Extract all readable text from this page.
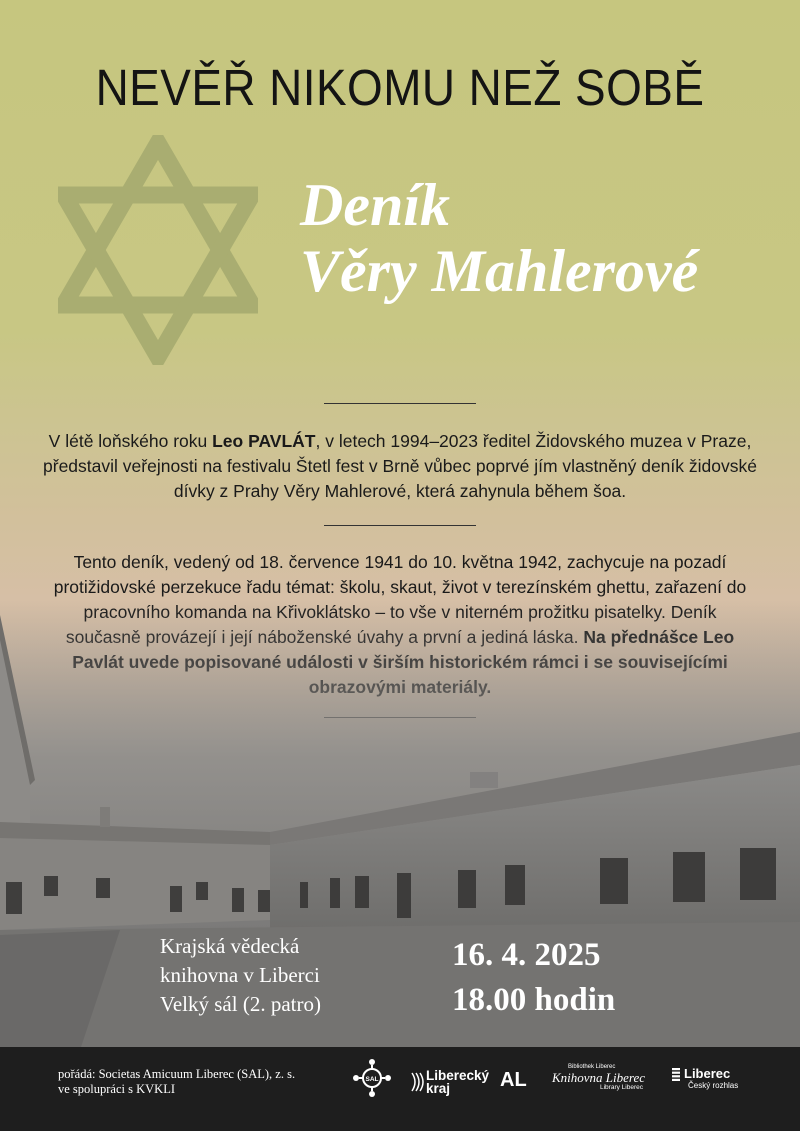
NEVĚŘ NIKOMU NEŽ SOBĚ
Deník
Věry Mahlerové

V létě loňského roku Leo PAVLÁT, v letech 1994–2023 ředitel Židovského muzea v Praze, představil veřejnosti na festivalu Štetl fest v Brně vůbec poprvé jím vlastněný deník židovské dívky z Prahy Věry Mahlerové, která zahynula během šoa.

Tento deník, vedený od 18. července 1941 do 10. května 1942, zachycuje na pozadí protižidovské perzekuce řadu témat: školu, skaut, život v terezínském ghettu, zařazení do

Krajská vědecká
knihovna v Liberci
Velký sál (2. patro)
16. 4. 2025
18.00 hodin
pořádá: Societas Amicuum Liberec (SAL), z. s.
ve spolupráci s KVKLI
SAL	Liberecký
kraj	AL
Bibliothek Liberec
Knihovna Liberec
Library Liberec
Liberec
Český rozhlas
